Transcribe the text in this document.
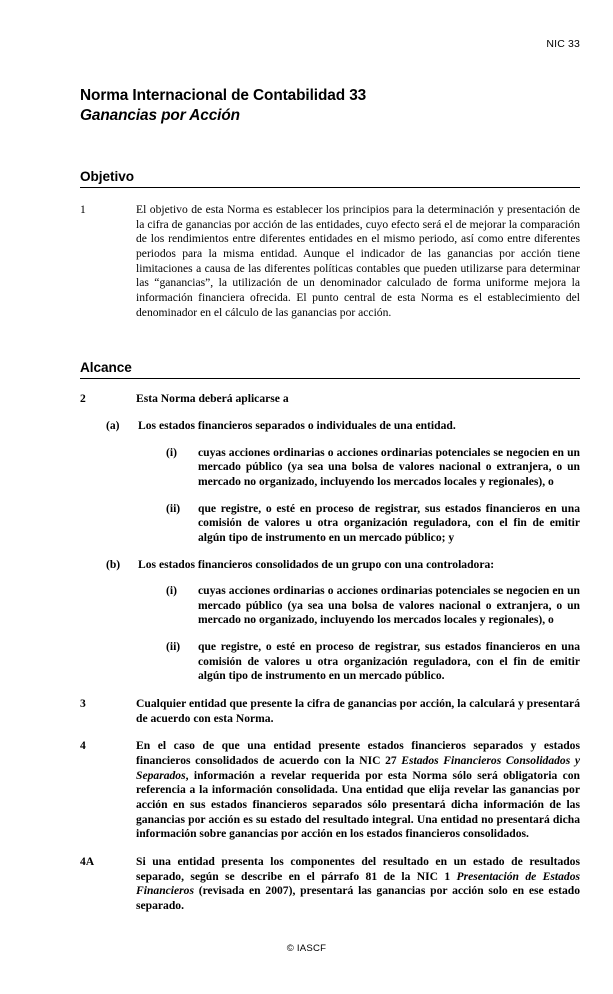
NIC 33
Norma Internacional de Contabilidad 33
Ganancias por Acción
Objetivo
1	El objetivo de esta Norma es establecer los principios para la determinación y presentación de la cifra de ganancias por acción de las entidades, cuyo efecto será el de mejorar la comparación de los rendimientos entre diferentes entidades en el mismo periodo, así como entre diferentes periodos para la misma entidad. Aunque el indicador de las ganancias por acción tiene limitaciones a causa de las diferentes políticas contables que pueden utilizarse para determinar las “ganancias”, la utilización de un denominador calculado de forma uniforme mejora la información financiera ofrecida. El punto central de esta Norma es el establecimiento del denominador en el cálculo de las ganancias por acción.
Alcance
2	Esta Norma deberá aplicarse a
(a)	Los estados financieros separados o individuales de una entidad.
(i)	cuyas acciones ordinarias o acciones ordinarias potenciales se negocien en un mercado público (ya sea una bolsa de valores nacional o extranjera, o un mercado no organizado, incluyendo los mercados locales y regionales), o
(ii)	que registre, o esté en proceso de registrar, sus estados financieros en una comisión de valores u otra organización reguladora, con el fin de emitir algún tipo de instrumento en un mercado público; y
(b)	Los estados financieros consolidados de un grupo con una controladora:
(i)	cuyas acciones ordinarias o acciones ordinarias potenciales se negocien en un mercado público (ya sea una bolsa de valores nacional o extranjera, o un mercado no organizado, incluyendo los mercados locales y regionales), o
(ii)	que registre, o esté en proceso de registrar, sus estados financieros en una comisión de valores u otra organización reguladora, con el fin de emitir algún tipo de instrumento en un mercado público.
3	Cualquier entidad que presente la cifra de ganancias por acción, la calculará y presentará de acuerdo con esta Norma.
4	En el caso de que una entidad presente estados financieros separados y estados financieros consolidados de acuerdo con la NIC 27 Estados Financieros Consolidados y Separados, información a revelar requerida por esta Norma sólo será obligatoria con referencia a la información consolidada. Una entidad que elija revelar las ganancias por acción en sus estados financieros separados sólo presentará dicha información de las ganancias por acción es su estado del resultado integral. Una entidad no presentará dicha información sobre ganancias por acción en los estados financieros consolidados.
4A	Si una entidad presenta los componentes del resultado en un estado de resultados separado, según se describe en el párrafo 81 de la NIC 1 Presentación de Estados Financieros (revisada en 2007), presentará las ganancias por acción solo en ese estado separado.
© IASCF
